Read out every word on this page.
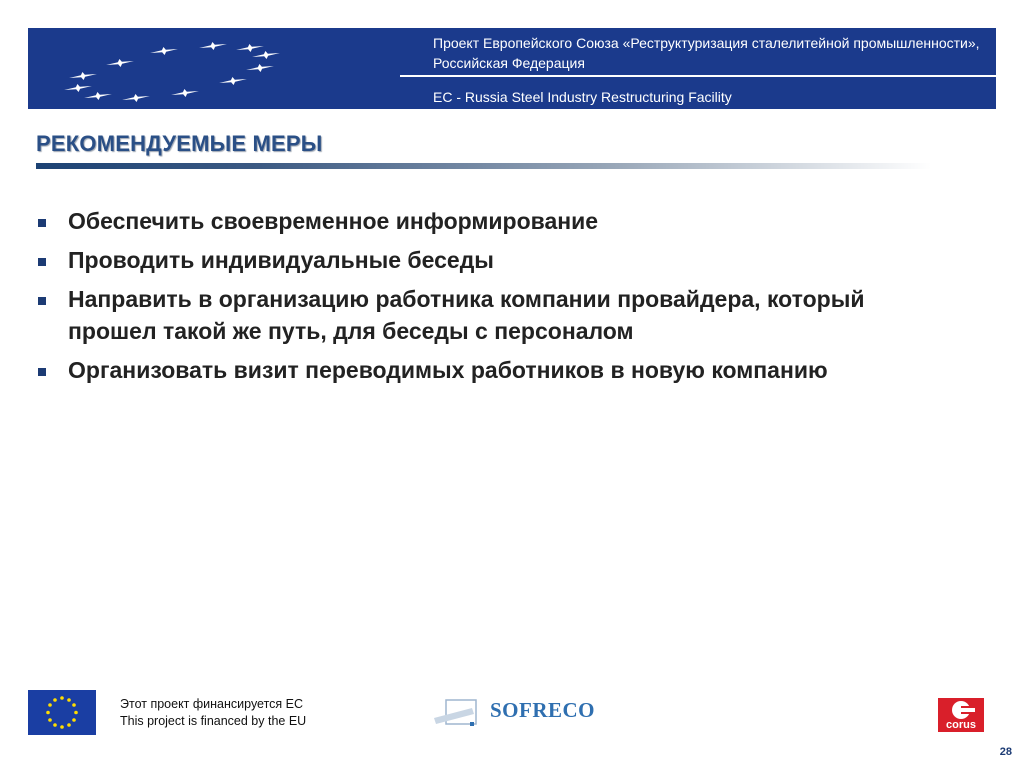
Проект Европейского Союза «Реструктуризация сталелитейной промышленности», Российская Федерация
EC - Russia Steel Industry Restructuring Facility
РЕКОМЕНДУЕМЫЕ МЕРЫ
Обеспечить своевременное информирование
Проводить индивидуальные беседы
Направить в организацию работника компании провайдера, который прошел такой же путь, для беседы с персоналом
Организовать визит переводимых работников в новую компанию
Этот проект финансируется ЕС
This project is financed by the EU	SOFRECO
corus
28
